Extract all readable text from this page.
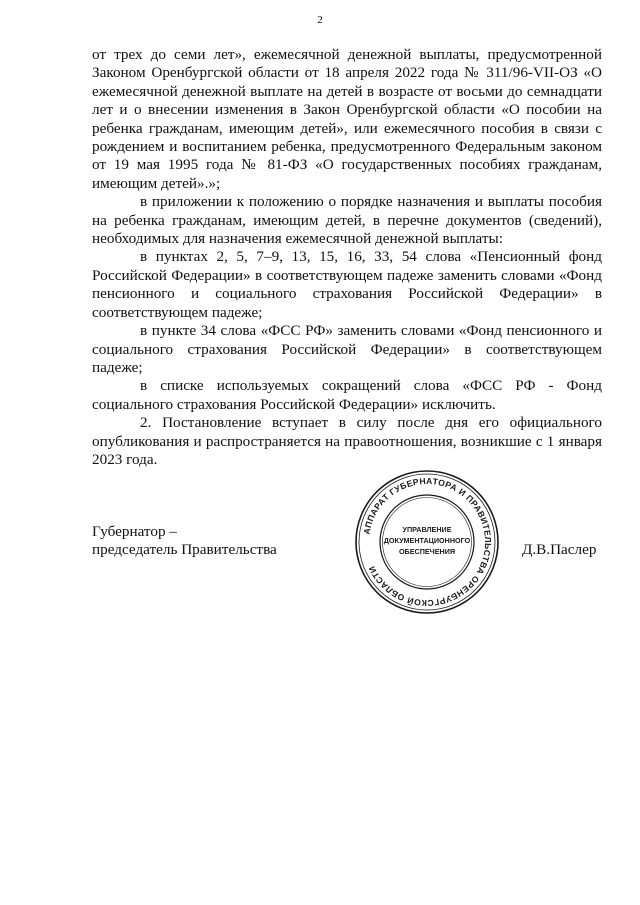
2

от трех до семи лет», ежемесячной денежной выплаты, предусмотренной Законом Оренбургской области от 18 апреля 2022 года № 311/96-VII-ОЗ «О ежемесячной денежной выплате на детей в возрасте от восьми до семнадцати лет и о внесении изменения в Закон Оренбургской области «О пособии на ребенка гражданам, имеющим детей», или ежемесячного пособия в связи с рождением и воспитанием ребенка, предусмотренного Федеральным законом от 19 мая 1995 года № 81-ФЗ «О государственных пособиях гражданам, имеющим детей».»;

в приложении к положению о порядке назначения и выплаты пособия на ребенка гражданам, имеющим детей, в перечне документов (сведений), необходимых для назначения ежемесячной денежной выплаты:

в пунктах 2, 5, 7–9, 13, 15, 16, 33, 54 слова «Пенсионный фонд Российской Федерации» в соответствующем падеже заменить словами «Фонд пенсионного и социального страхования Российской Федерации» в соответствующем падеже;

в пункте 34 слова «ФСС РФ» заменить словами «Фонд пенсионного и социального страхования Российской Федерации» в соответствующем падеже;

в списке используемых сокращений слова «ФСС РФ - Фонд социального страхования Российской Федерации» исключить.

2. Постановление вступает в силу после дня его официального опубликования и распространяется на правоотношения, возникшие с 1 января 2023 года.

Губернатор –
председатель Правительства
АППАРАТ ГУБЕРНАТОРА И ПРАВИТЕЛЬСТВА ОРЕНБУРГСКОЙ ОБЛАСТИ
УПРАВЛЕНИЕ
ДОКУМЕНТАЦИОННОГО
ОБЕСПЕЧЕНИЯ	Д.В.Паслер
